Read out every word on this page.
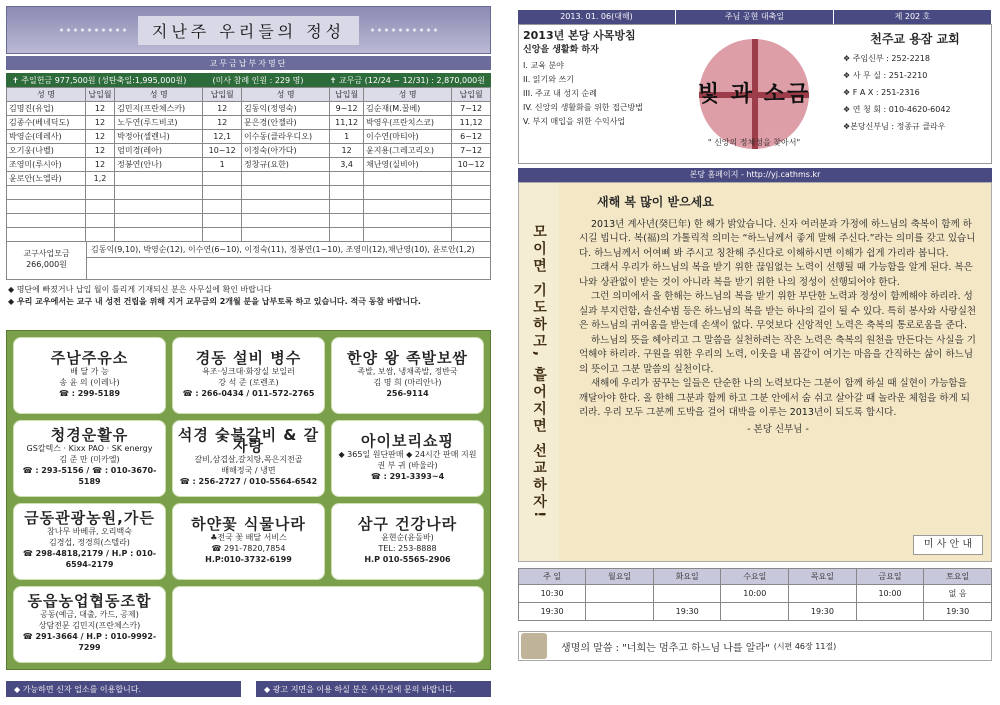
지난주 우리들의 정성
교무금납부자명단
✝ 주일헌금 977,500원 (성탄축일:1,995,000원)	(미사 참례 인원 : 229 명)	✝ 교무금 (12/24 ~ 12/31) : 2,870,000원
성 명	납입월	성 명	납입월	성 명	납입월	성 명	납입월
김명진(유업)	12	김민지(프란체스카)	12	김동익(정영숙)	9~12	김순재(M.꿀베)	7~12
김종수(베네딕도)	12	노두연(루드비코)	12	문은경(안젤라)	11,12	박영우(프란치스코)	11,12
박영순(데레사)	12	박정아(셀렌니)	12,1	이수동(클라우디오)	1	이수연(마티아)	6~12
오기웅(나벨)	12	엄미경(레아)	10~12	이정숙(아가다)	12	윤지용(그레고리오)	7~12
조영미(루시아)	12	정봉연(안나)	1	정창규(요한)	3,4	채난영(실비아)	10~12
윤로안(노엘라)	1,2						

교구사업모금
266,000원
김동익(9,10), 박영순(12), 이수연(6~10), 이정숙(11), 정봉연(1~10), 조영미(12),채난영(10), 윤로안(1,2)
◆ 명단에 빠졌거나 납입 월이 틀리게 기재되신 분은 사무실에 확인 바랍니다
◆ 우리 교우에서는 교구 내 성전 건립을 위해 지거 교무금의 2개월 분을 납부토록 하고 있습니다. 적극 동참 바랍니다.
주남주유소
배 달 가 능
송 윤 의 (이레나)
☎ : 299-5189
경동 설비 병수
욕조·싱크대·화장실 보일러
강 석 준 (로렌조)
☎ : 266-0434 / 011-572-2765
한양 왕 족발보쌈
족발, 보쌈, 냉채족발, 정반국
김 명 희 (마리안나)
256-9114
청경운활유
GS칼텍스 · Kixx PAO · SK energy
김 준 만 (미카엘)
☎ : 293-5156 / ☎ : 010-3670-5189
석경 숯불갈비 & 갈자랑
갈비,삼겹살,갈치탕,목은지전골
배해정국 / 냉면
☎ : 256-2727 / 010-5564-6542
아이보리쇼핑
◆ 365일 원단판매 ◆ 24시간 판매 지원
권 부 귀 (바울라)
☎ : 291-3393~4
금동관광농원,가든
참나무 바베큐, 오리백숙
김경섭, 정경희(스텔라)
☎ 298-4818,2179 / H.P : 010-6594-2179
하얀꽃 식물나라
♣전국 꽃 배달 서비스
☎ 291-7820,7854
H.P:010-3732-6199
삼구 건강나라
윤현순(윤돌바)
TEL: 253-8888
H.P 010-5565-2906
동읍농업협동조합
공동(예금, 대출, 카드, 공제)
상담전문 김민지(프란체스카)
☎ 291-3664 / H.P : 010-9992-7299
◆ 가능하면 신자 업소를 이용합니다.	◆ 광고 지면을 이용 하실 분은 사무실에 문의 바랍니다.
2013. 01. 06(대해)	주님 공현 대축일	제 202 호
2013년 본당 사목방침
신앙을 생활화 하자
I. 교육 분야
II. 읽기와 쓰기
III. 주교 내 성지 순례
IV. 신앙의 생활화를 위한 접근방법
V. 부지 매입을 위한 수익사업
빛 과 소금
" 신앙의 정체성을 찾아서"
천주교 용잠 교회
❖ 주임신부 : 252-2218
❖ 사 무 실 : 251-2210
❖ F A X : 251-2316
❖ 연 청 회 : 010-4620-6042
❖본당신부님 : 정종규 클라우
본당 홈페이지 - http://yj.cathms.kr
모이면 기도하고, 흩어지면 선교하자!
새해 복 많이 받으세요

2013년 계사년(癸巳年) 한 해가 밝았습니다. 신자 여러분과 가정에 하느님의 축복이 함께 하시길 빕니다. 복(福)의 가톨릭적 의미는 “하느님께서 좋게 말해 주신다.”라는 의미를 갖고 있습니다. 하느님께서 어여삐 봐 주시고 칭찬해 주신다로 이해하시면 이해가 쉽게 가리라 봅니다.

그래서 우리가 하느님의 복을 받기 위한 끊임없는 노력이 선행될 때 가능함을 알게 된다. 복은 나와 상관없이 받는 것이 아니라 복을 받기 위한 나의 정성이 선행되어야 한다.

그런 의미에서 올 한해는 하느님의 복을 받기 위한 부단한 노력과 정성이 함께해야 하리라. 성실과 부지런함, 솔선수범 등은 하느님의 복을 받는 하나의 길이 될 수 있다. 특히 봉사와 사랑실천은 하느님의 귀여움을 받는데 손색이 없다. 무엇보다 신앙적인 노력은 축복의 통로로움을 준다.

하느님의 뜻을 헤아리고 그 말씀을 실천하려는 작은 노력은 축복의 원천을 만든다는 사실을 기억해야 하리라. 구원을 위한 우리의 노력, 이웃을 내 몸같이 여기는 마음을 간직하는 삶이 하느님의 뜻이고 그분 말씀의 실천이다.

새해에 우리가 꿈꾸는 일들은 단순한 나의 노력보다는 그분이 함께 하실 때 실현이 가능함을 깨달아야 한다. 올 한해 그분과 함께 하고 그분 안에서 숨 쉬고 살아갈 때 놀라운 체험을 하게 되리라. 우리 모두 그분께 도박을 걸어 대박을 이루는 2013년이 되도록 합시다.

- 본당 신부님 -
미 사 안 내
주 일	월요일	화요일	수요일	목요일	금요일	토요일
10:30			10:00		10:00	없 음
19:30		19:30		19:30		19:30
생명의 말씀 : "너희는 멈추고 하느님 나를 알라" (시편 46장 11절)
